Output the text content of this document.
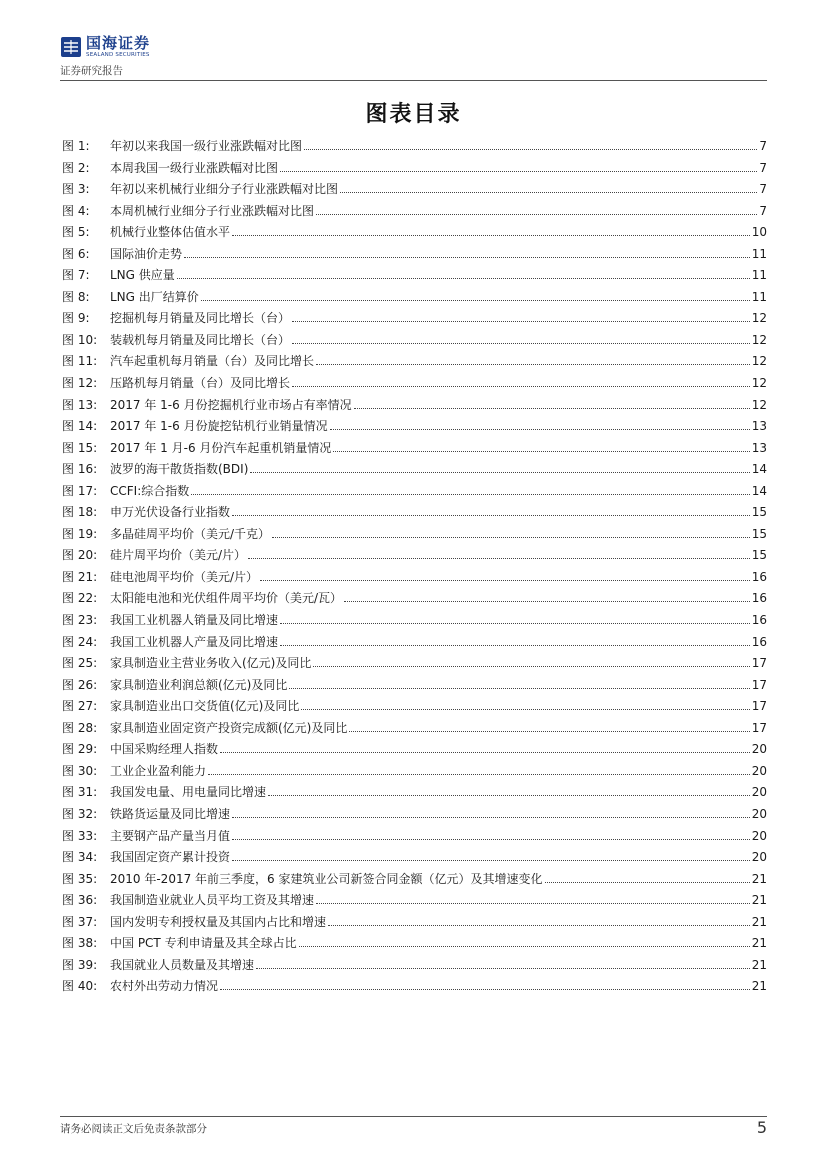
国海证券
SEALAND SECURITIES
证券研究报告
图表目录
图 1:	年初以来我国一级行业涨跌幅对比图	7
图 2:	本周我国一级行业涨跌幅对比图	7
图 3:	年初以来机械行业细分子行业涨跌幅对比图	7
图 4:	本周机械行业细分子行业涨跌幅对比图	7
图 5:	机械行业整体估值水平	10
图 6:	国际油价走势	11
图 7:	LNG 供应量	11
图 8:	LNG 出厂结算价	11
图 9:	挖掘机每月销量及同比增长（台）	12
图 10:	装载机每月销量及同比增长（台）	12
图 11:	汽车起重机每月销量（台）及同比增长	12
图 12:	压路机每月销量（台）及同比增长	12
图 13:	2017 年 1-6 月份挖掘机行业市场占有率情况	12
图 14:	2017 年 1-6 月份旋挖钻机行业销量情况	13
图 15:	2017 年 1 月-6 月份汽车起重机销量情况	13
图 16:	波罗的海干散货指数(BDI)	14
图 17:	CCFI:综合指数	14
图 18:	申万光伏设备行业指数	15
图 19:	多晶硅周平均价（美元/千克）	15
图 20:	硅片周平均价（美元/片）	15
图 21:	硅电池周平均价（美元/片）	16
图 22:	太阳能电池和光伏组件周平均价（美元/瓦）	16
图 23:	我国工业机器人销量及同比增速	16
图 24:	我国工业机器人产量及同比增速	16
图 25:	家具制造业主营业务收入(亿元)及同比	17
图 26:	家具制造业利润总额(亿元)及同比	17
图 27:	家具制造业出口交货值(亿元)及同比	17
图 28:	家具制造业固定资产投资完成额(亿元)及同比	17
图 29:	中国采购经理人指数	20
图 30:	工业企业盈利能力	20
图 31:	我国发电量、用电量同比增速	20
图 32:	铁路货运量及同比增速	20
图 33:	主要钢产品产量当月值	20
图 34:	我国固定资产累计投资	20
图 35:	2010 年-2017 年前三季度，6 家建筑业公司新签合同金额（亿元）及其增速变化	21
图 36:	我国制造业就业人员平均工资及其增速	21
图 37:	国内发明专利授权量及其国内占比和增速	21
图 38:	中国 PCT 专利申请量及其全球占比	21
图 39:	我国就业人员数量及其增速	21
图 40:	农村外出劳动力情况	21
请务必阅读正文后免责条款部分	5
